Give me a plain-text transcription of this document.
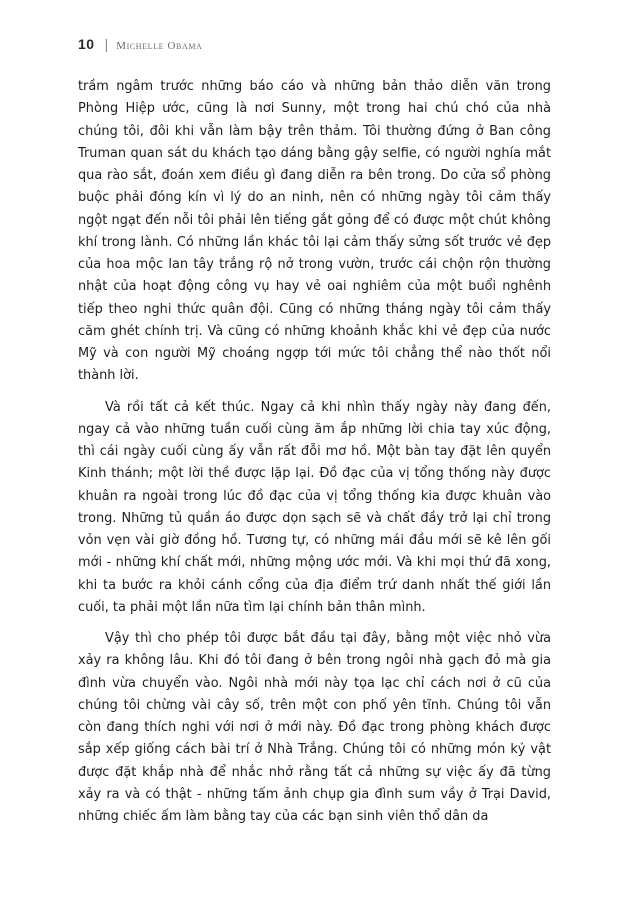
10 | Michelle Obama

trầm ngâm trước những báo cáo và những bản thảo diễn văn trong Phòng Hiệp ước, cũng là nơi Sunny, một trong hai chú chó của nhà chúng tôi, đôi khi vẫn làm bậy trên thảm. Tôi thường đứng ở Ban công Truman quan sát du khách tạo dáng bằng gậy selfie, có người nghía mắt qua rào sắt, đoán xem điều gì đang diễn ra bên trong. Do cửa sổ phòng buộc phải đóng kín vì lý do an ninh, nên có những ngày tôi cảm thấy ngột ngạt đến nỗi tôi phải lên tiếng gắt gỏng để có được một chút không khí trong lành. Có những lần khác tôi lại cảm thấy sửng sốt trước vẻ đẹp của hoa mộc lan tây trắng rộ nở trong vườn, trước cái chộn rộn thường nhật của hoạt động công vụ hay vẻ oai nghiêm của một buổi nghênh tiếp theo nghi thức quân đội. Cũng có những tháng ngày tôi cảm thấy căm ghét chính trị. Và cũng có những khoảnh khắc khi vẻ đẹp của nước Mỹ và con người Mỹ choáng ngợp tới mức tôi chẳng thể nào thốt nổi thành lời.

Và rồi tất cả kết thúc. Ngay cả khi nhìn thấy ngày này đang đến, ngay cả vào những tuần cuối cùng ăm ắp những lời chia tay xúc động, thì cái ngày cuối cùng ấy vẫn rất đỗi mơ hồ. Một bàn tay đặt lên quyển Kinh thánh; một lời thề được lặp lại. Đồ đạc của vị tổng thống này được khuân ra ngoài trong lúc đồ đạc của vị tổng thống kia được khuân vào trong. Những tủ quần áo được dọn sạch sẽ và chất đầy trở lại chỉ trong vỏn vẹn vài giờ đồng hồ. Tương tự, có những mái đầu mới sẽ kê lên gối mới - những khí chất mới, những mộng ước mới. Và khi mọi thứ đã xong, khi ta bước ra khỏi cánh cổng của địa điểm trứ danh nhất thế giới lần cuối, ta phải một lần nữa tìm lại chính bản thân mình.

Vậy thì cho phép tôi được bắt đầu tại đây, bằng một việc nhỏ vừa xảy ra không lâu. Khi đó tôi đang ở bên trong ngôi nhà gạch đỏ mà gia đình vừa chuyển vào. Ngôi nhà mới này tọa lạc chỉ cách nơi ở cũ của chúng tôi chừng vài cây số, trên một con phố yên tĩnh. Chúng tôi vẫn còn đang thích nghi với nơi ở mới này. Đồ đạc trong phòng khách được sắp xếp giống cách bài trí ở Nhà Trắng. Chúng tôi có những món kỷ vật được đặt khắp nhà để nhắc nhở rằng tất cả những sự việc ấy đã từng xảy ra và có thật - những tấm ảnh chụp gia đình sum vầy ở Trại David, những chiếc ấm làm bằng tay của các bạn sinh viên thổ dân da
